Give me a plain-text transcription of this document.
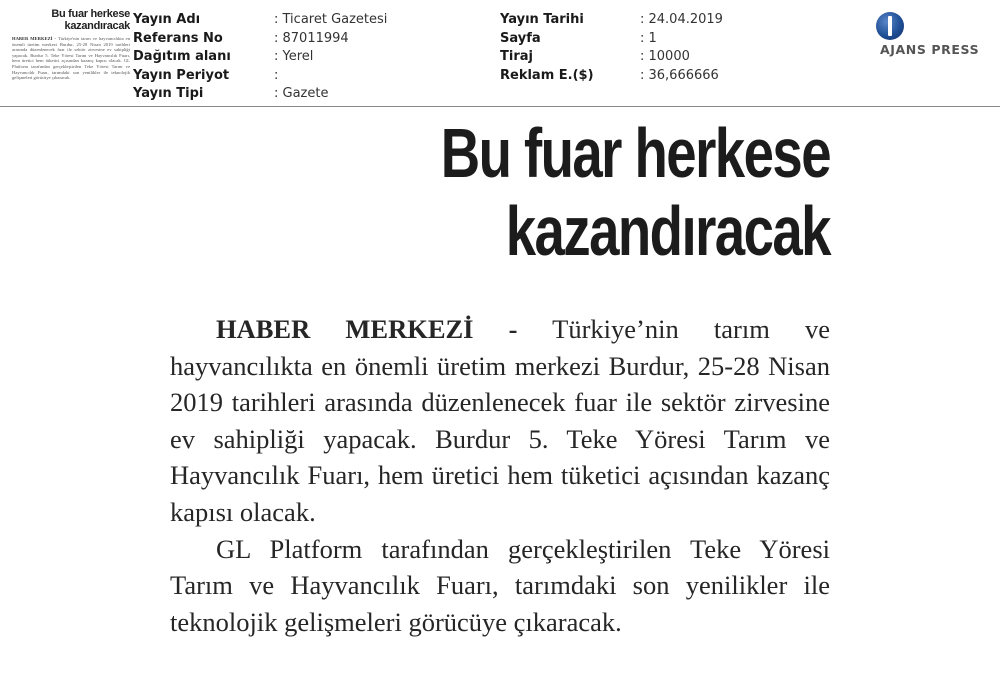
Bu fuar herkese kazandıracak
HABER MERKEZİ - Türkiye'nin tarım ve hayvancılıkta en önemli üretim merkezi Burdur, 25-28 Nisan 2019 tarihleri arasında düzenlenecek fuar ile sektör zirvesine ev sahipliği yapacak. Burdur 5. Teke Yöresi Tarım ve Hayvancılık Fuarı, hem üretici hem tüketici açısından kazanç kapısı olacak. GL Platform tarafından gerçekleştirilen Teke Yöresi Tarım ve Hayvancılık Fuarı, tarımdaki son yenilikler ile teknolojik gelişmeleri görücüye çıkaracak.
Yayın Adı	: Ticaret Gazetesi
Referans No	: 87011994
Dağıtım alanı	: Yerel
Yayın Periyot	:
Yayın Tipi	: Gazete
Yayın Tarihi	: 24.04.2019
Sayfa	: 1
Tiraj	: 10000
Reklam E.($)	: 36,666666
AJANS PRESS
Bu fuar herkese
kazandıracak

HABER MERKEZİ - Türkiye’nin tarım ve hayvancılıkta en önemli üretim merkezi Burdur, 25-28 Nisan 2019 tarihleri arasında düzenlenecek fuar ile sektör zirvesine ev sahipliği yapacak. Burdur 5. Teke Yöresi Tarım ve Hayvancılık Fuarı, hem üretici hem tüketici açısından kazanç kapısı olacak.

GL Platform tarafından gerçekleştirilen Teke Yöresi Tarım ve Hayvancılık Fuarı, tarımdaki son yenilikler ile teknolojik gelişmeleri görücüye çıkaracak.
